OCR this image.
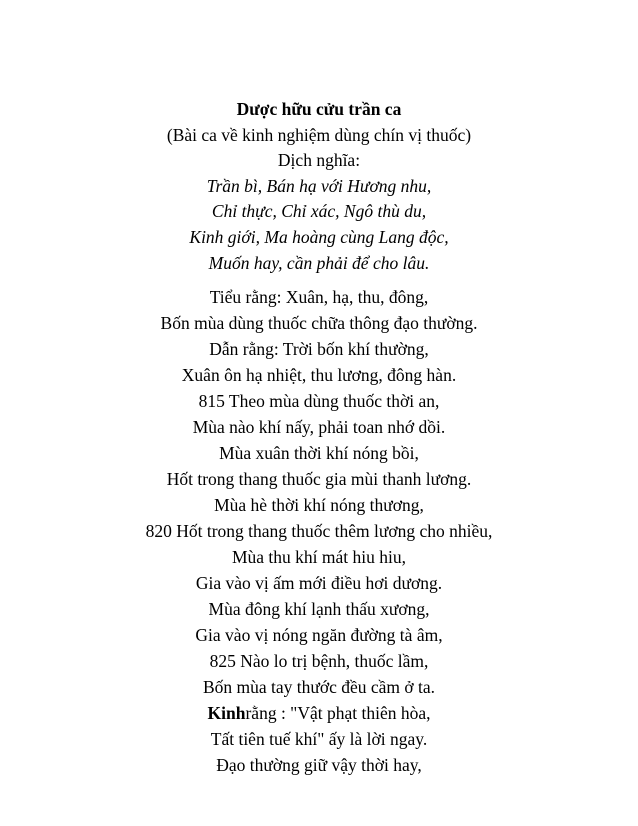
Dược hữu cửu trần ca
(Bài ca về kinh nghiệm dùng chín vị thuốc)
Dịch nghĩa:
Trần bì, Bán hạ với Hương nhu,
Chỉ thực, Chỉ xác, Ngô thù du,
Kinh giới, Ma hoàng cùng Lang độc,
Muốn hay, cần phải để cho lâu.
Tiểu rằng: Xuân, hạ, thu, đông,
Bốn mùa dùng thuốc chữa thông đạo thường.
Dẫn rằng: Trời bốn khí thường,
Xuân ôn hạ nhiệt, thu lương, đông hàn.
815 Theo mùa dùng thuốc thời an,
Mùa nào khí nấy, phải toan nhớ dồi.
Mùa xuân thời khí nóng bồi,
Hốt trong thang thuốc gia mùi thanh lương.
Mùa hè thời khí nóng thương,
820 Hốt trong thang thuốc thêm lương cho nhiều,
Mùa thu khí mát hiu hiu,
Gia vào vị ấm mới điều hơi dương.
Mùa đông khí lạnh thấu xương,
Gia vào vị nóng ngăn đường tà âm,
825 Nào lo trị bệnh, thuốc lầm,
Bốn mùa tay thước đều cầm ở ta.
Kinhrằng : "Vật phạt thiên hòa,
Tất tiên tuế khí" ấy là lời ngay.
Đạo thường giữ vậy thời hay,
